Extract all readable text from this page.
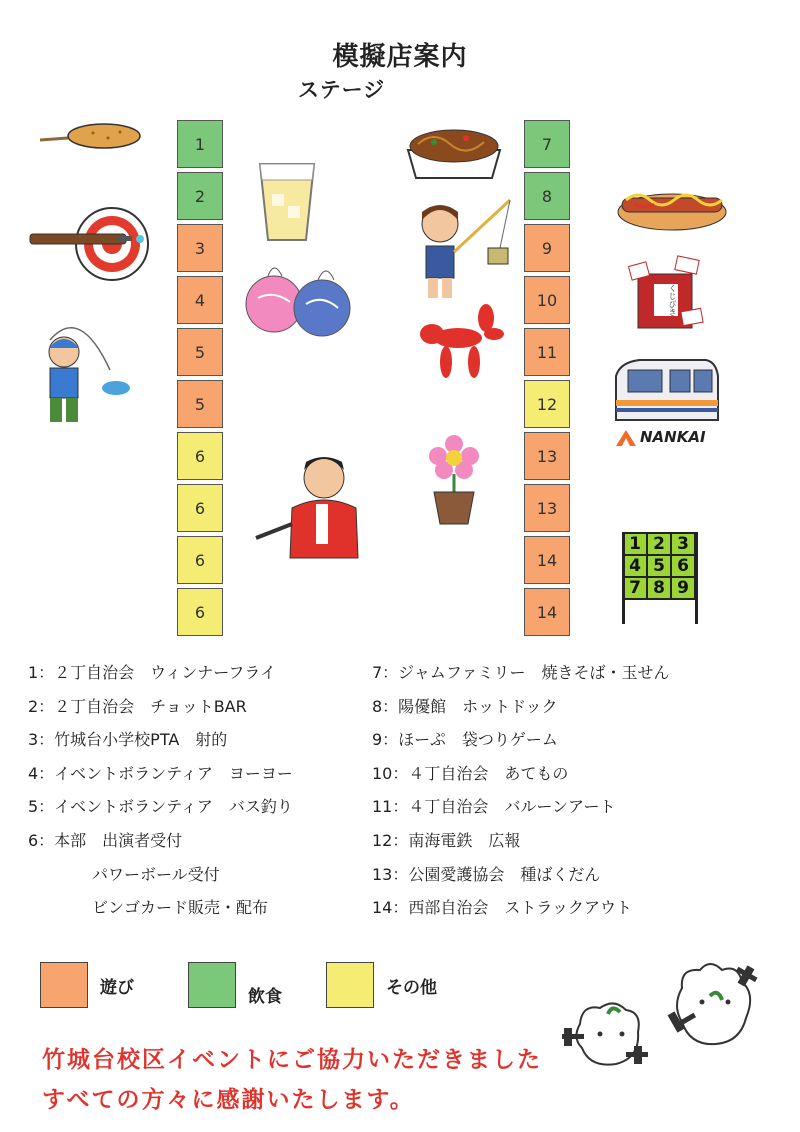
模擬店案内
ステージ
1
2
3
4
5
5
6
6
6
6
7
8
9
10
11
12
13
13
14
14
くじびき
NANKAI
1 2 3
4 5 6
7 8 9
1：２丁自治会　ウィンナーフライ
2：２丁自治会　チョットBAR
3：竹城台小学校PTA　射的
4：イベントボランティア　ヨーヨー
5：イベントボランティア　バス釣り
6：本部　出演者受付
　　　　パワーボール受付
　　　　ビンゴカード販売・配布
7：ジャムファミリー　焼きそば・玉せん
8：陽優館　ホットドック
9：ほーぷ　袋つりゲーム
10：４丁自治会　あてもの
11：４丁自治会　バルーンアート
12：南海電鉄　広報
13：公園愛護協会　種ばくだん
14：西部自治会　ストラックアウト
遊び	飲食	その他
竹城台校区イベントにご協力いただきました
すべての方々に感謝いたします。
